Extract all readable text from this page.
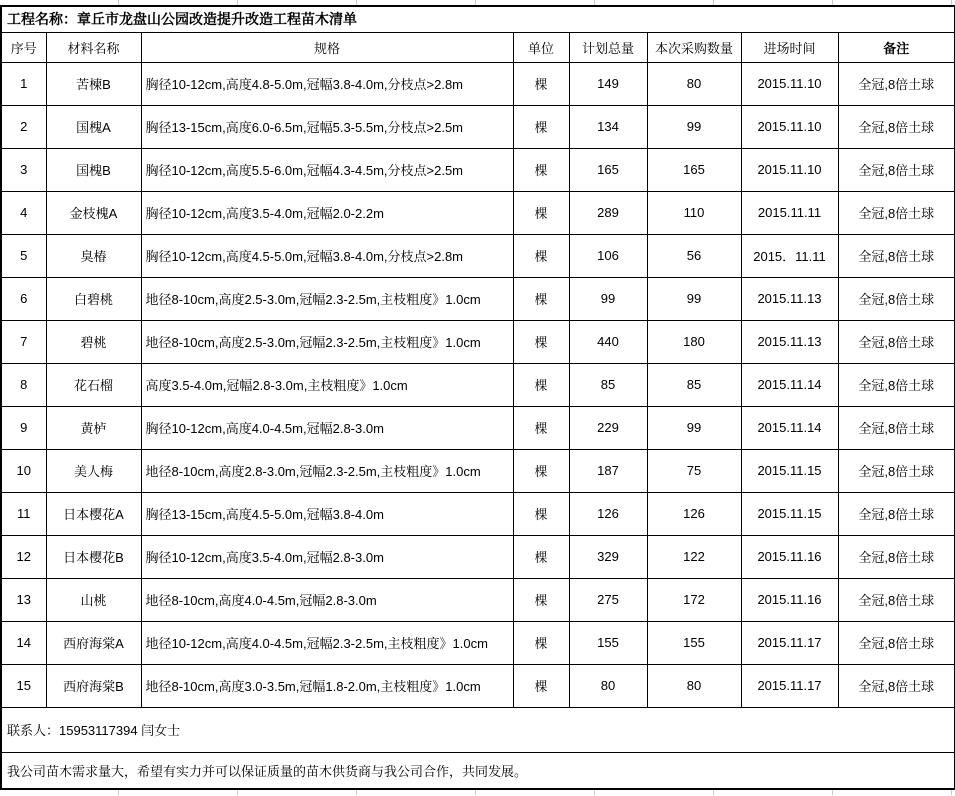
工程名称：章丘市龙盘山公园改造提升改造工程苗木清单							
序号	材料名称	规格	单位	计划总量	本次采购数量	进场时间	备注
1	苦楝B	胸径10-12cm,高度4.8-5.0m,冠幅3.8-4.0m,分枝点>2.8m	棵	149	80	2015.11.10	全冠,8倍土球
2	国槐A	胸径13-15cm,高度6.0-6.5m,冠幅5.3-5.5m,分枝点>2.5m	棵	134	99	2015.11.10	全冠,8倍土球
3	国槐B	胸径10-12cm,高度5.5-6.0m,冠幅4.3-4.5m,分枝点>2.5m	棵	165	165	2015.11.10	全冠,8倍土球
4	金枝槐A	胸径10-12cm,高度3.5-4.0m,冠幅2.0-2.2m	棵	289	110	2015.11.11	全冠,8倍土球
5	臭椿	胸径10-12cm,高度4.5-5.0m,冠幅3.8-4.0m,分枝点>2.8m	棵	106	56	2015．11.11	全冠,8倍土球
6	白碧桃	地径8-10cm,高度2.5-3.0m,冠幅2.3-2.5m,主枝粗度》1.0cm	棵	99	99	2015.11.13	全冠,8倍土球
7	碧桃	地径8-10cm,高度2.5-3.0m,冠幅2.3-2.5m,主枝粗度》1.0cm	棵	440	180	2015.11.13	全冠,8倍土球
8	花石榴	高度3.5-4.0m,冠幅2.8-3.0m,主枝粗度》1.0cm	棵	85	85	2015.11.14	全冠,8倍土球
9	黄栌	胸径10-12cm,高度4.0-4.5m,冠幅2.8-3.0m	棵	229	99	2015.11.14	全冠,8倍土球
10	美人梅	地径8-10cm,高度2.8-3.0m,冠幅2.3-2.5m,主枝粗度》1.0cm	棵	187	75	2015.11.15	全冠,8倍土球
11	日本樱花A	胸径13-15cm,高度4.5-5.0m,冠幅3.8-4.0m	棵	126	126	2015.11.15	全冠,8倍土球
12	日本樱花B	胸径10-12cm,高度3.5-4.0m,冠幅2.8-3.0m	棵	329	122	2015.11.16	全冠,8倍土球
13	山桃	地径8-10cm,高度4.0-4.5m,冠幅2.8-3.0m	棵	275	172	2015.11.16	全冠,8倍土球
14	西府海棠A	地径10-12cm,高度4.0-4.5m,冠幅2.3-2.5m,主枝粗度》1.0cm	棵	155	155	2015.11.17	全冠,8倍土球
15	西府海棠B	地径8-10cm,高度3.0-3.5m,冠幅1.8-2.0m,主枝粗度》1.0cm	棵	80	80	2015.11.17	全冠,8倍土球
联系人：15953117394 闫女士							
我公司苗木需求量大，希望有实力并可以保证质量的苗木供货商与我公司合作，共同发展。							
